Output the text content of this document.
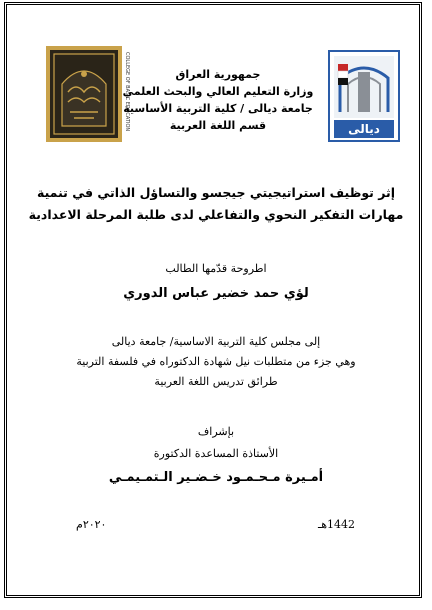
COLLEGE OF BASIC EDUCATION	ديالى
جمهورية العراق
وزارة التعليم العالي والبحث العلمي
جامعة ديالى / كلية التربية الأساسية
قسم اللغة العربية
إثر توظيف استراتيجيتي جيجسو والتساؤل الذاتي في تنمية
مهارات التفكير النحوي والتفاعلي لدى طلبة المرحلة الاعدادية
اطروحة قدّمها الطالب
لؤي حمد خضير عباس الدوري
إلى مجلس كلية التربية الاساسية/ جامعة ديالى
وهي جزء من متطلبات نيل شهادة الدكتوراه في فلسفة التربية
طرائق تدريس اللغة العربية
بإشراف
الأستاذة المساعدة الدكتورة
أمـيرة مـحـمـود خـضـير الـتمـيمـي
1442هـ
٢٠٢٠م
